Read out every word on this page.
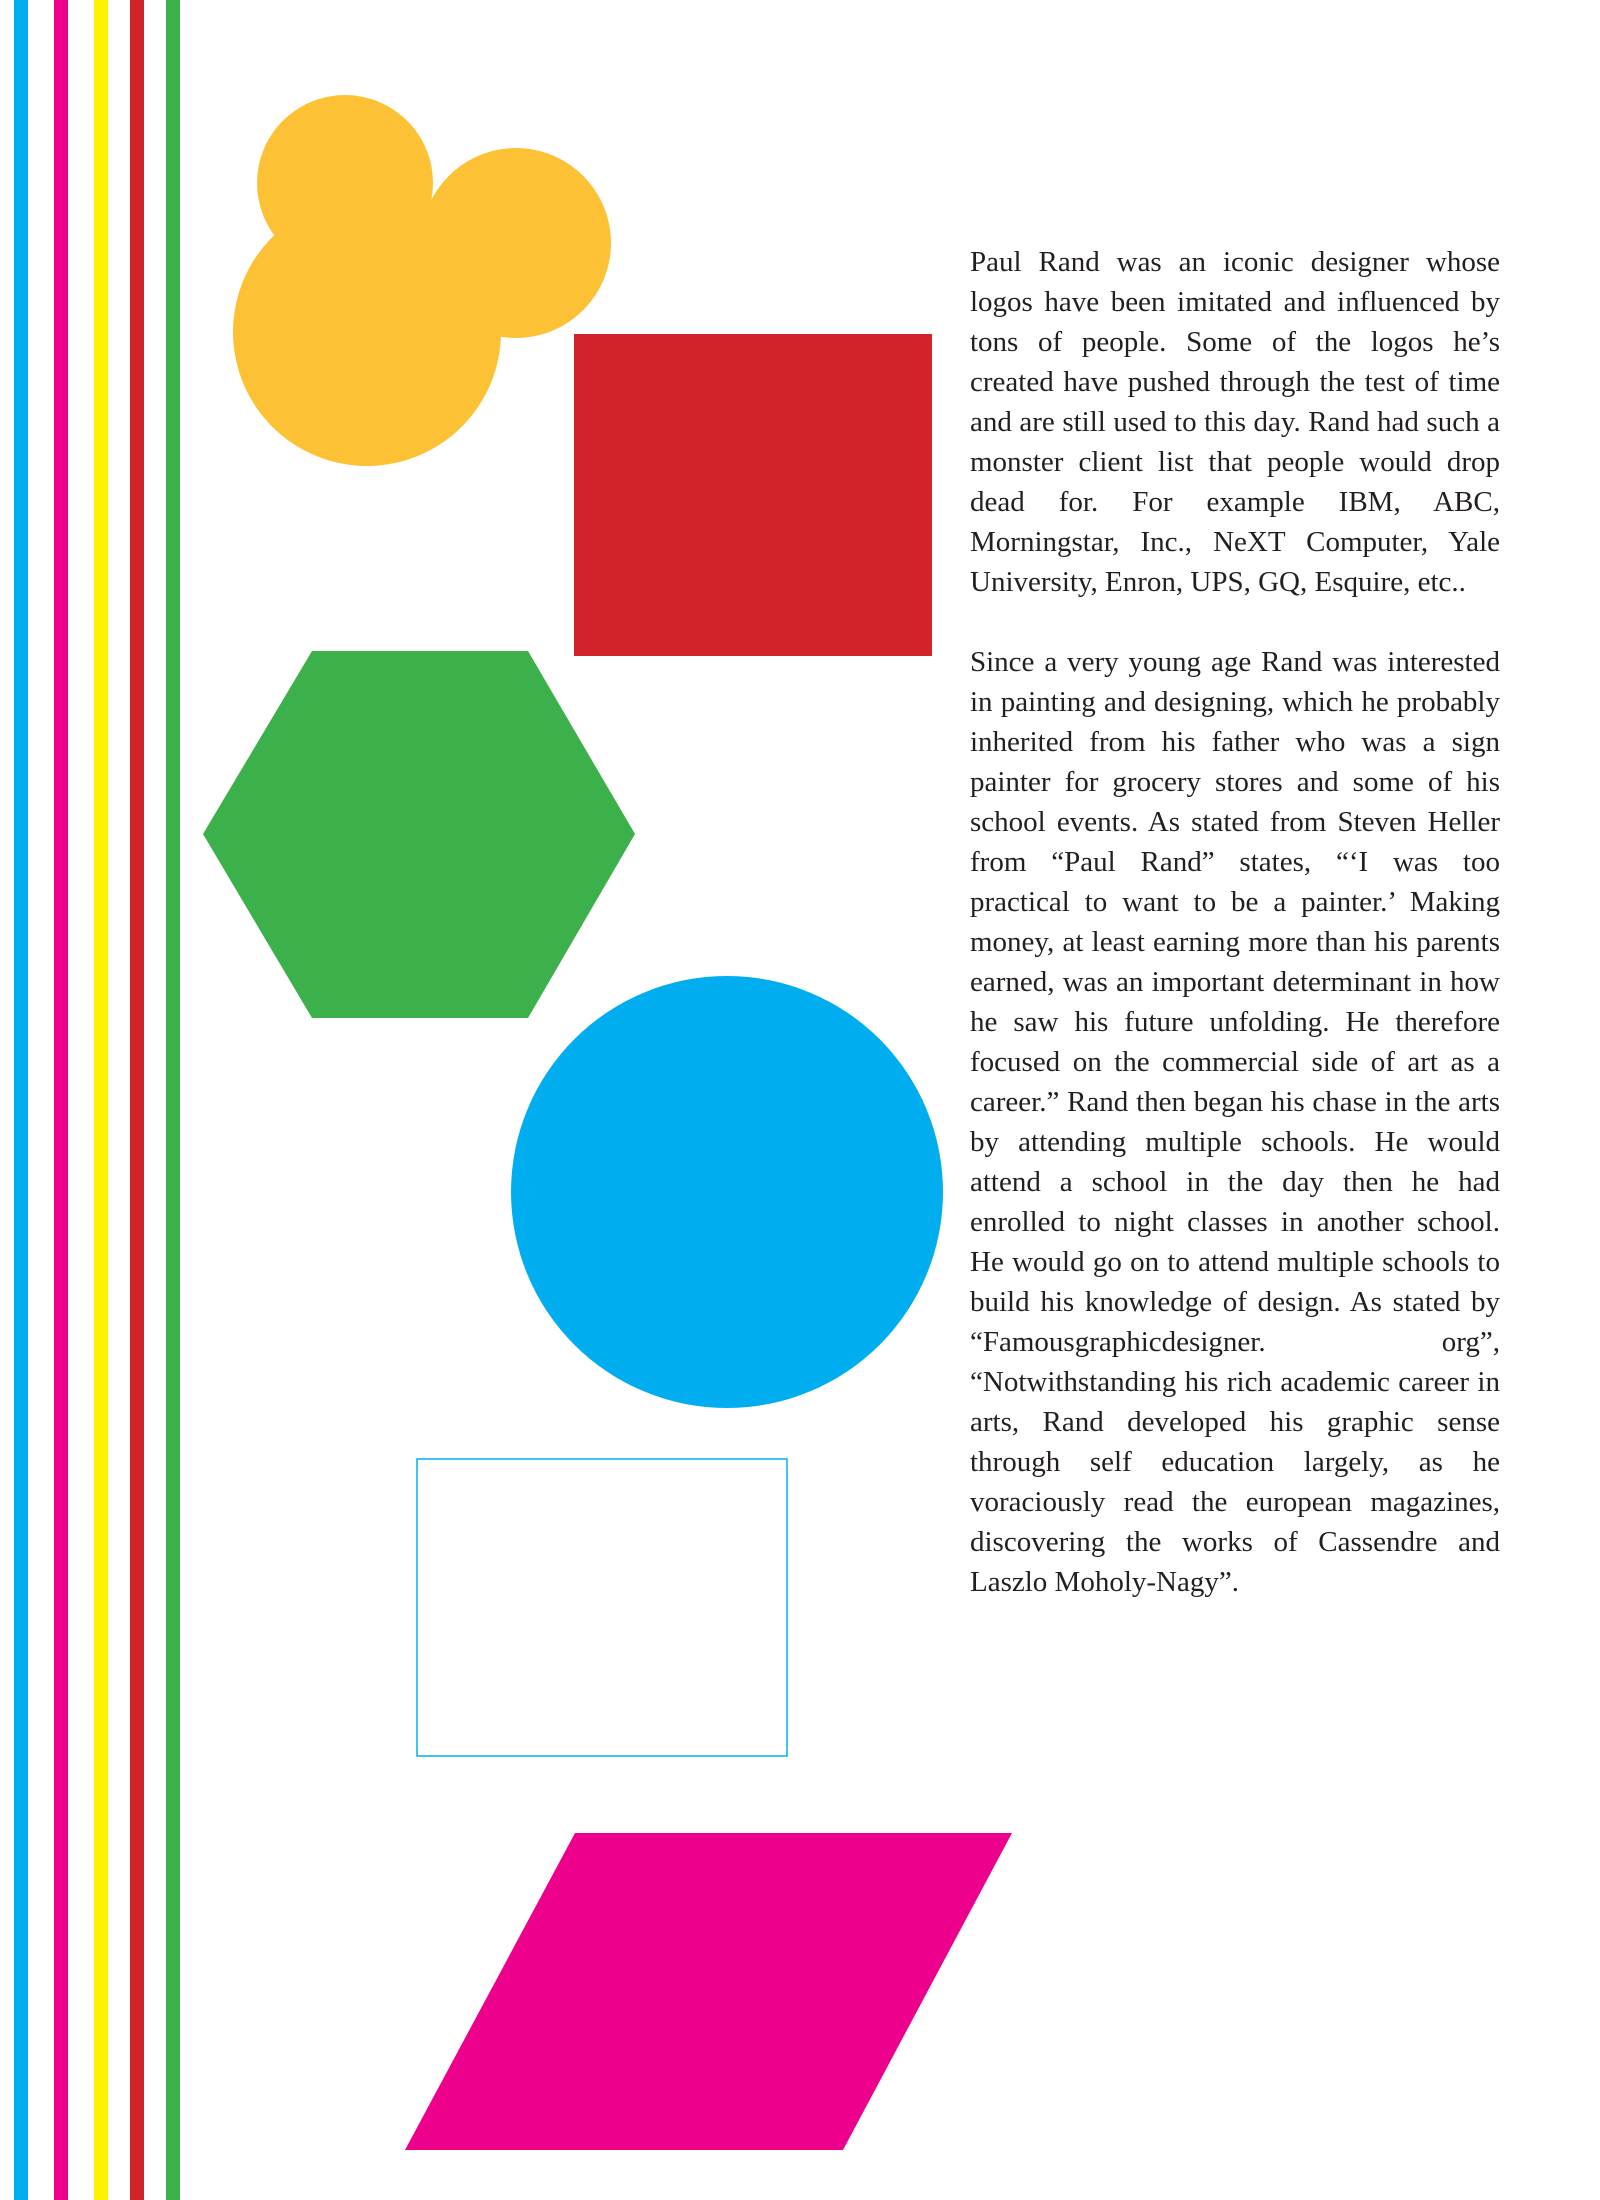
Paul Rand was an iconic designer whose logos have been imitated and influenced by tons of people. Some of the logos he’s created have pushed through the test of time and are still used to this day. Rand had such a monster client list that people would drop dead for. For example IBM, ABC, Morningstar, Inc., NeXT Computer, Yale University, Enron, UPS, GQ, Esquire, etc..

Since a very young age Rand was interested in painting and designing, which he probably inherited from his father who was a sign painter for grocery stores and some of his school events. As stated from Steven Heller from “Paul Rand” states, “‘I was too practical to want to be a painter.’ Making money, at least earning more than his parents earned, was an important determinant in how he saw his future unfolding. He therefore focused on the commercial side of art as a career.” Rand then began his chase in the arts by attending multiple schools. He would attend a school in the day then he had enrolled to night classes in another school. He would go on to attend multiple schools to build his knowledge of design. As stated by “Famousgraphicdesigner. org”, “Notwithstanding his rich academic career in arts, Rand developed his graphic sense through self education largely, as he voraciously read the european magazines, discovering the works of Cassendre and Laszlo Moholy-Nagy”.
